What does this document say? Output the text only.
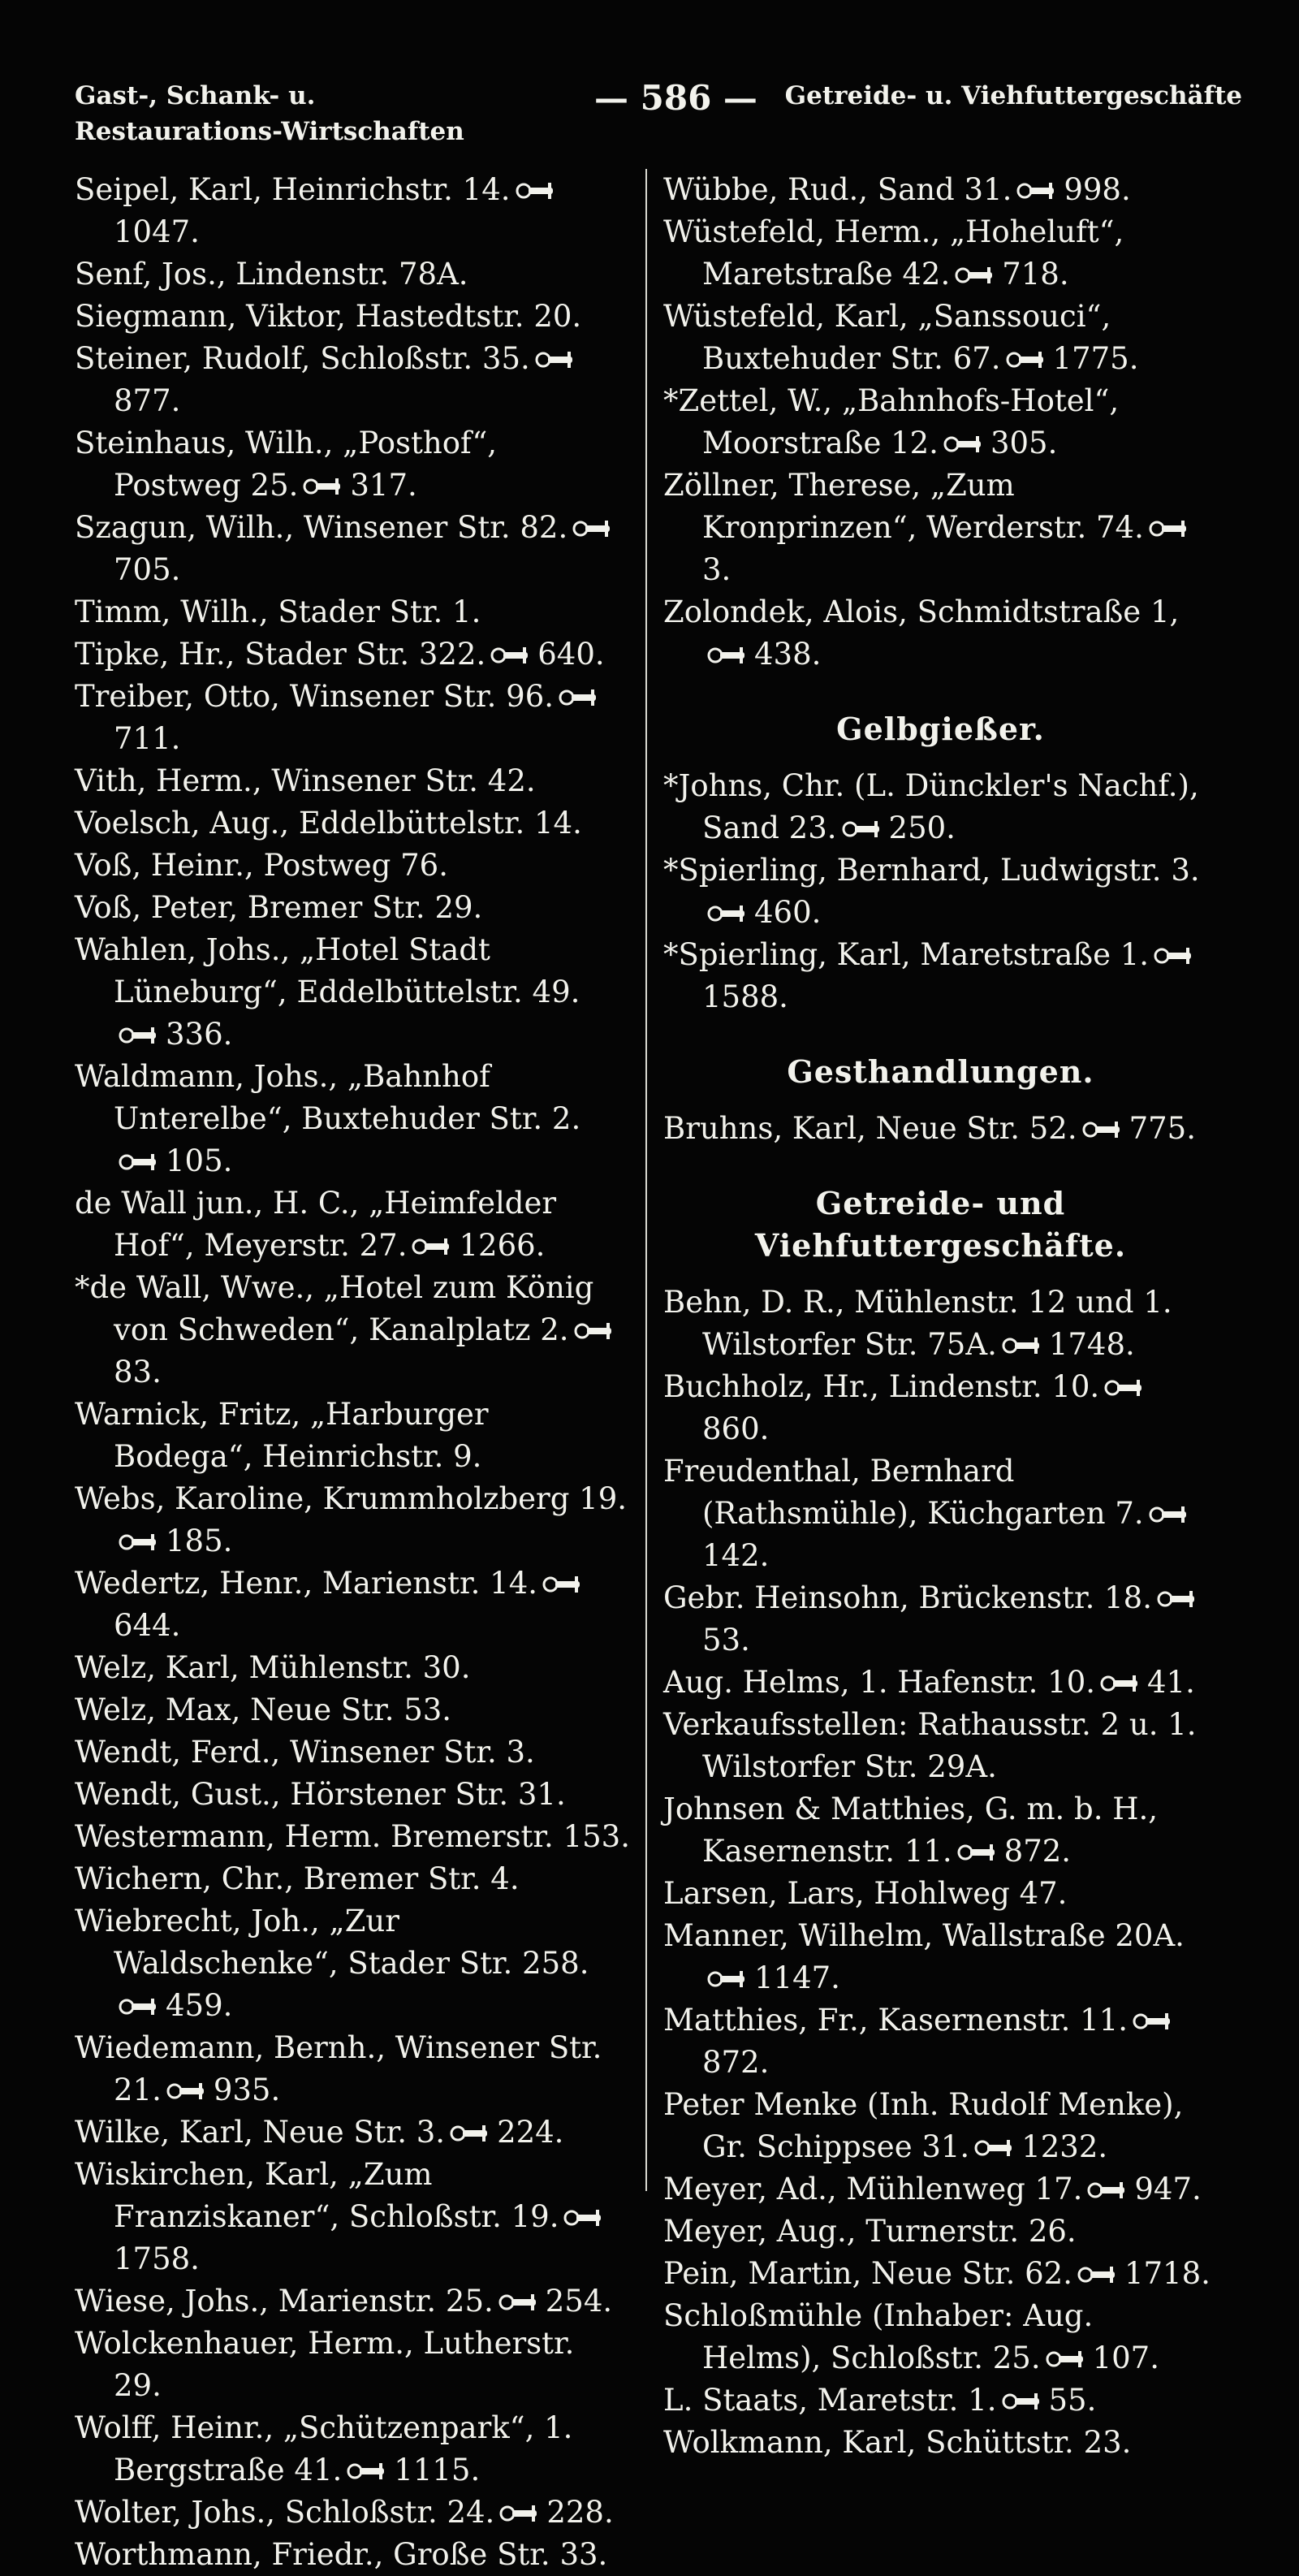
Gast-, Schank- u. Restaurations-Wirtschaften
— 586 — Getreide- u. Viehfuttergeschäfte
Seipel, Karl, Heinrichstr. 14.
1047.
Senf, Jos., Lindenstr. 78A.
Siegmann, Viktor, Hastedtstr. 20.
Steiner, Rudolf, Schloßstr. 35.
877.
Steinhaus, Wilh., „Posthof“, Postweg 25. 317.
Szagun, Wilh., Winsener Str. 82.
705.
Timm, Wilh., Stader Str. 1.
Tipke, Hr., Stader Str. 322. 640.
Treiber, Otto, Winsener Str. 96.
711.
Vith, Herm., Winsener Str. 42.
Voelsch, Aug., Eddelbüttelstr. 14.
Voß, Heinr., Postweg 76.
Voß, Peter, Bremer Str. 29.
Wahlen, Johs., „Hotel Stadt Lüneburg“, Eddelbüttelstr. 49.
336.
Waldmann, Johs., „Bahnhof Unterelbe“, Buxtehuder Str. 2.
105.
de Wall jun., H. C., „Heimfelder Hof“, Meyerstr. 27. 1266.
*de Wall, Wwe., „Hotel zum König von Schweden“, Kanalplatz 2.
83.
Warnick, Fritz, „Harburger Bodega“, Heinrichstr. 9.
Webs, Karoline, Krummholzberg 19.
185.
Wedertz, Henr., Marienstr. 14.
644.
Welz, Karl, Mühlenstr. 30.
Welz, Max, Neue Str. 53.
Wendt, Ferd., Winsener Str. 3.
Wendt, Gust., Hörstener Str. 31.
Westermann, Herm. Bremerstr. 153.
Wichern, Chr., Bremer Str. 4.
Wiebrecht, Joh., „Zur Waldschenke“, Stader Str. 258.
459.
Wiedemann, Bernh., Winsener Str. 21. 935.
Wilke, Karl, Neue Str. 3. 224.
Wiskirchen, Karl, „Zum Franziskaner“, Schloßstr. 19.
1758.
Wiese, Johs., Marienstr. 25. 254.
Wolckenhauer, Herm., Lutherstr. 29.
Wolff, Heinr., „Schützenpark“, 1. Bergstraße 41. 1115.
Wolter, Johs., Schloßstr. 24. 228.
Worthmann, Friedr., Große Str. 33.
Wübbe, Rud., Sand 31. 998.
Wüstefeld, Herm., „Hoheluft“, Maretstraße 42. 718.
Wüstefeld, Karl, „Sanssouci“, Buxtehuder Str. 67. 1775.
*Zettel, W., „Bahnhofs-Hotel“, Moorstraße 12. 305.
Zöllner, Therese, „Zum Kronprinzen“, Werderstr. 74.
3.
Zolondek, Alois, Schmidtstraße 1,
438.
Gelbgießer.
*Johns, Chr. (L. Dünckler's Nachf.), Sand 23. 250.
*Spierling, Bernhard, Ludwigstr. 3.
460.
*Spierling, Karl, Maretstraße 1.
1588.
Gesthandlungen.
Bruhns, Karl, Neue Str. 52. 775.
Getreide- und Viehfuttergeschäfte.
Behn, D. R., Mühlenstr. 12 und 1. Wilstorfer Str. 75A. 1748.
Buchholz, Hr., Lindenstr. 10.
860.
Freudenthal, Bernhard (Rathsmühle), Küchgarten 7.
142.
Gebr. Heinsohn, Brückenstr. 18.
53.
Aug. Helms, 1. Hafenstr. 10. 41.
Verkaufsstellen: Rathausstr. 2 u. 1. Wilstorfer Str. 29A.
Johnsen & Matthies, G. m. b. H., Kasernenstr. 11. 872.
Larsen, Lars, Hohlweg 47.
Manner, Wilhelm, Wallstraße 20A.
1147.
Matthies, Fr., Kasernenstr. 11.
872.
Peter Menke (Inh. Rudolf Menke), Gr. Schippsee 31. 1232.
Meyer, Ad., Mühlenweg 17. 947.
Meyer, Aug., Turnerstr. 26.
Pein, Martin, Neue Str. 62. 1718.
Schloßmühle (Inhaber: Aug. Helms), Schloßstr. 25. 107.
L. Staats, Maretstr. 1. 55.
Wolkmann, Karl, Schüttstr. 23.
